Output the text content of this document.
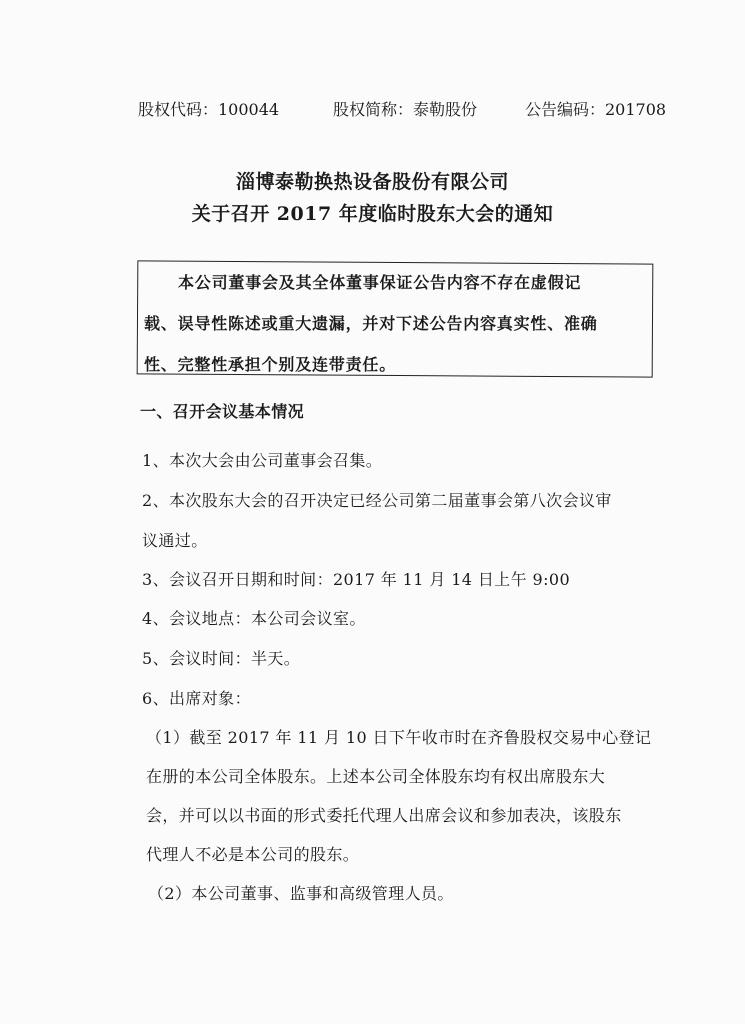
股权代码：100044	股权简称：泰勒股份	公告编码：201708
淄博泰勒换热设备股份有限公司
关于召开 2017 年度临时股东大会的通知
本公司董事会及其全体董事保证公告内容不存在虚假记
载、误导性陈述或重大遗漏，并对下述公告内容真实性、准确
性、完整性承担个别及连带责任。
一、召开会议基本情况
1、本次大会由公司董事会召集。
2、本次股东大会的召开决定已经公司第二届董事会第八次会议审
议通过。
3、会议召开日期和时间：2017 年 11 月 14 日上午 9:00
4、会议地点：本公司会议室。
5、会议时间：半天。
6、出席对象：
（1）截至 2017 年 11 月 10 日下午收市时在齐鲁股权交易中心登记
在册的本公司全体股东。上述本公司全体股东均有权出席股东大
会，并可以以书面的形式委托代理人出席会议和参加表决，该股东
代理人不必是本公司的股东。
（2）本公司董事、监事和高级管理人员。
